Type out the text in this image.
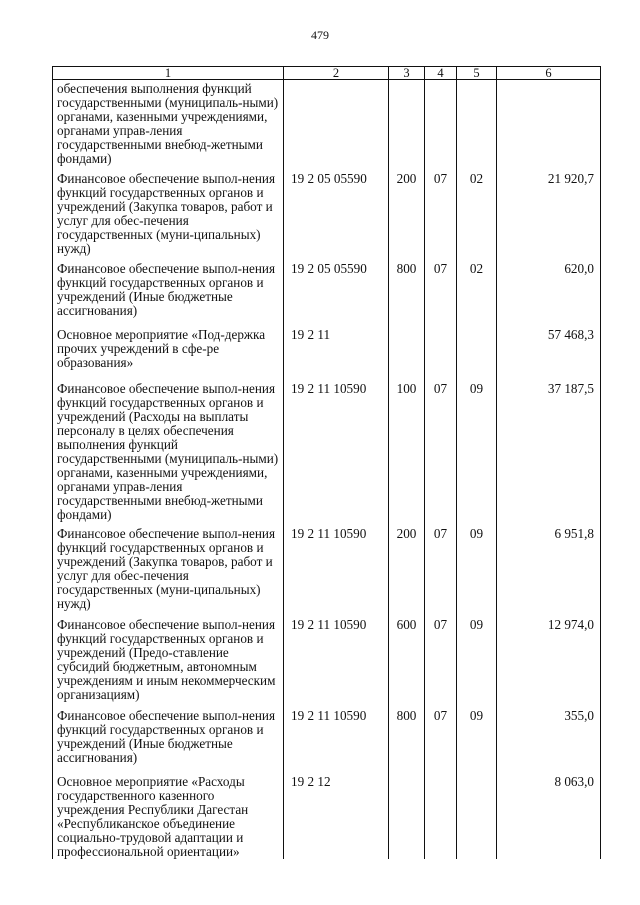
479
1	2	3	4	5	6

обеспечения выполнения функций государственными (муниципаль-ными) органами, казенными учреждениями, органами управ-ления государственными внебюд-жетными фондами)					

Финансовое обеспечение выпол-нения функций государственных органов и учреждений (Закупка товаров, работ и услуг для обес-печения государственных (муни-ципальных) нужд)	19 2 05 05590	200	07	02	21 920,7

Финансовое обеспечение выпол-нения функций государственных органов и учреждений (Иные бюджетные ассигнования)	19 2 05 05590	800	07	02	620,0

Основное мероприятие «Под-держка прочих учреждений в сфе-ре образования»	19 2 11				57 468,3

Финансовое обеспечение выпол-нения функций государственных органов и учреждений (Расходы на выплаты персоналу в целях обеспечения выполнения функций государственными (муниципаль-ными) органами, казенными учреждениями, органами управ-ления государственными внебюд-жетными фондами)	19 2 11 10590	100	07	09	37 187,5

Финансовое обеспечение выпол-нения функций государственных органов и учреждений (Закупка товаров, работ и услуг для обес-печения государственных (муни-ципальных) нужд)	19 2 11 10590	200	07	09	6 951,8

Финансовое обеспечение выпол-нения функций государственных органов и учреждений (Предо-ставление субсидий бюджетным, автономным учреждениям и иным некоммерческим организациям)	19 2 11 10590	600	07	09	12 974,0

Финансовое обеспечение выпол-нения функций государственных органов и учреждений (Иные бюджетные ассигнования)	19 2 11 10590	800	07	09	355,0

Основное мероприятие «Расходы государственного казенного учреждения Республики Дагестан «Республиканское объединение социально-трудовой адаптации и профессиональной ориентации»	19 2 12				8 063,0
